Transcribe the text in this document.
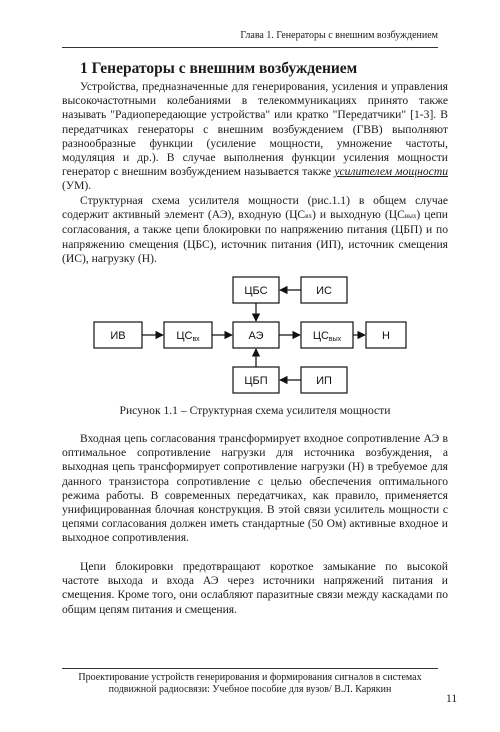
Глава 1. Генераторы с внешним возбуждением
1 Генераторы с внешним возбуждением
Устройства, предназначенные для генерирования, усиления и управления высокочастотными колебаниями в телекоммуникациях принято также называть "Радиопередающие устройства" или кратко "Передатчики" [1-3]. В передатчиках генераторы с внешним возбуждением (ГВВ) выполняют разнообразные функции (усиление мощности, умножение частоты, модуляция и др.). В случае выполнения функции усиления мощности генератор с внешним возбуждением называется также усилителем мощности (УМ).
Структурная схема усилителя мощности (рис.1.1) в общем случае содержит активный элемент (АЭ), входную (ЦСвх) и выходную (ЦСвых) цепи согласования, а также цепи блокировки по напряжению питания (ЦБП) и по напряжению смещения (ЦБС), источник питания (ИП), источник смещения (ИС), нагрузку (Н).
ЦБС	ИС
ИВ	ЦСвх	АЭ	ЦСвых	Н
ЦБП	ИП
Рисунок 1.1 – Структурная схема усилителя мощности
Входная цепь согласования трансформирует входное сопротивление АЭ в оптимальное сопротивление нагрузки для источника возбуждения, а выходная цепь трансформирует сопротивление нагрузки (Н) в требуемое для данного транзистора сопротивление с целью обеспечения оптимального режима работы. В современных передатчиках, как правило, применяется унифицированная блочная конструкция. В этой связи усилитель мощности с цепями согласования должен иметь стандартные (50 Ом) активные входное и выходное сопротивления.
Цепи блокировки предотвращают короткое замыкание по высокой частоте выхода и входа АЭ через источники напряжений питания и смещения. Кроме того, они ослабляют паразитные связи между каскадами по общим цепям питания и смещения.
Проектирование устройств генерирования и формирования сигналов в системах
подвижной радиосвязи: Учебное пособие для вузов/ В.Л. Карякин
11
